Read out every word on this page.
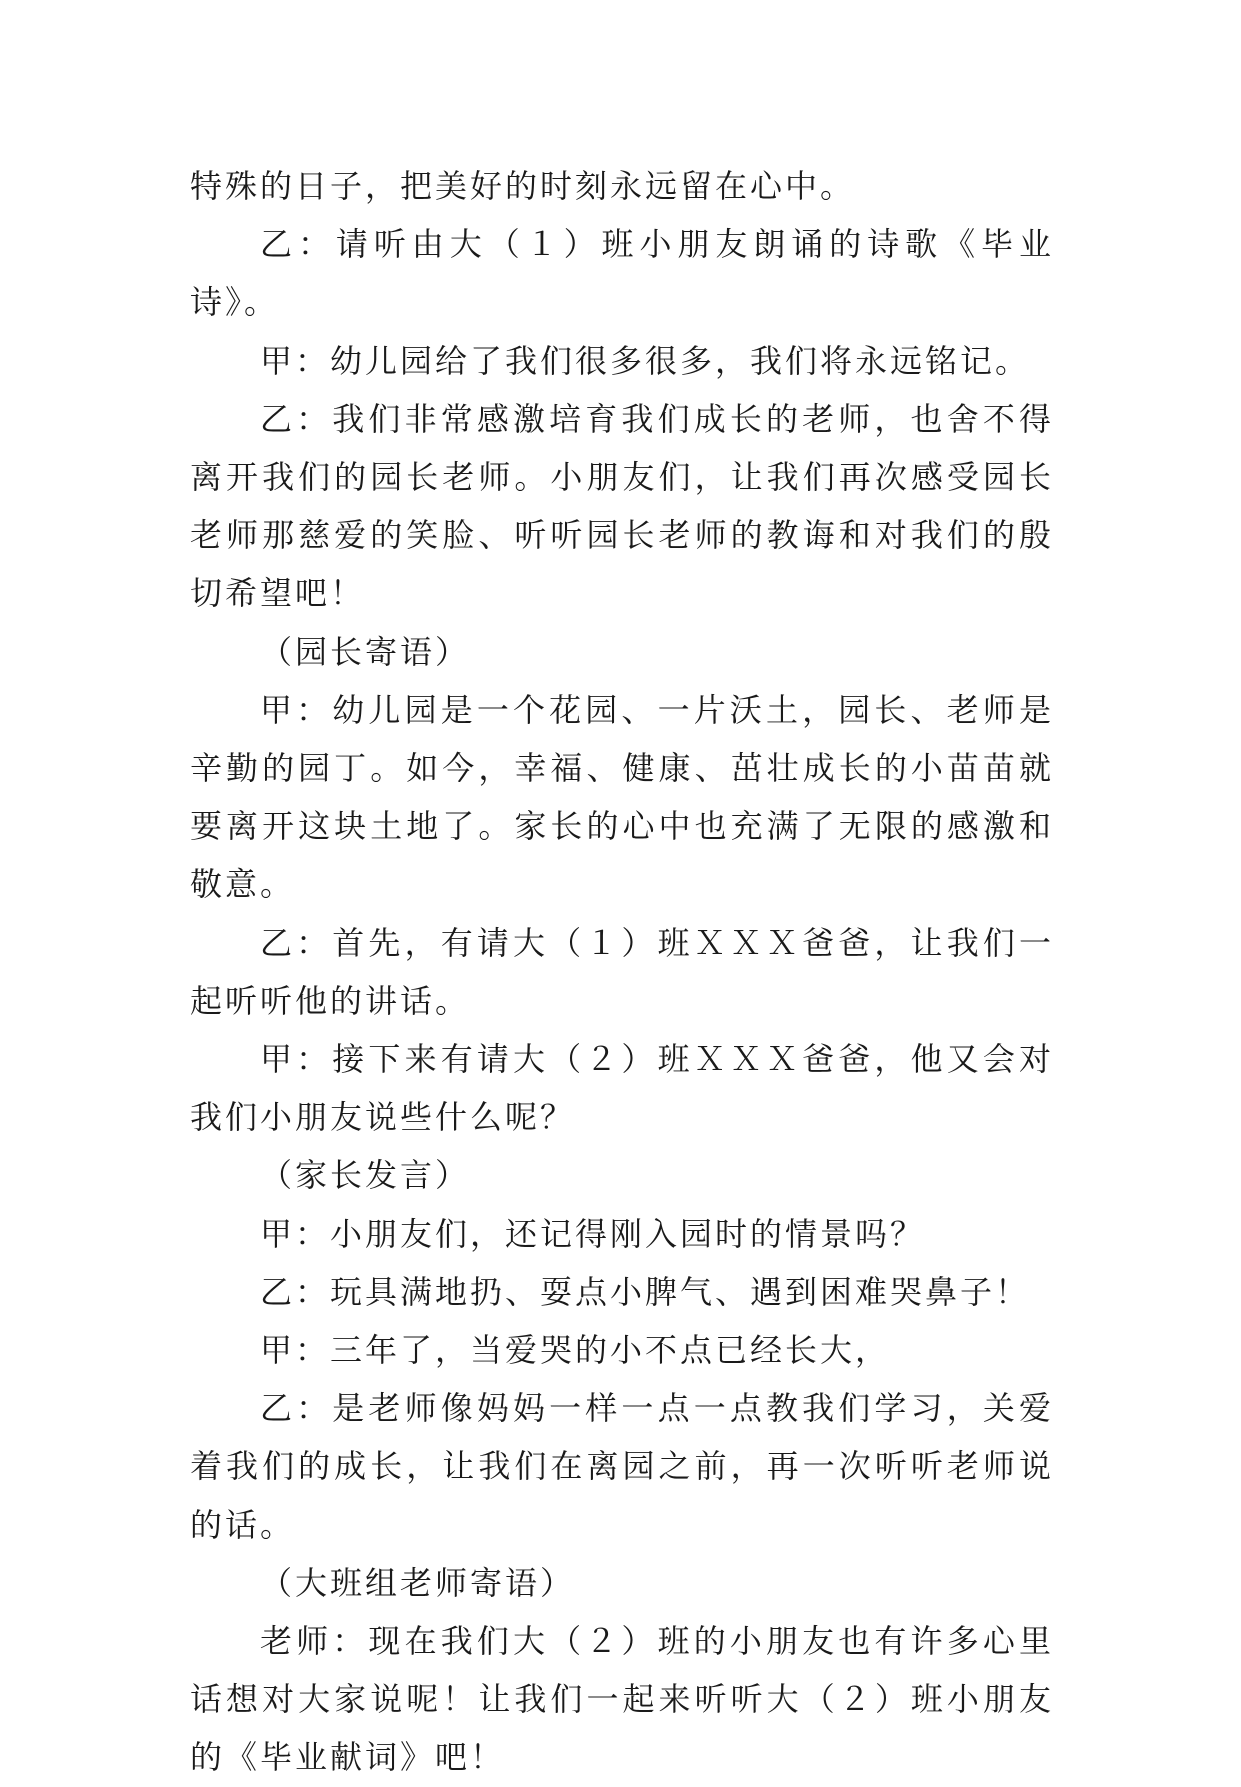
特殊的日子，把美好的时刻永远留在心中。

乙：请听由大（１）班小朋友朗诵的诗歌《毕业诗》。

甲：幼儿园给了我们很多很多，我们将永远铭记。

乙：我们非常感激培育我们成长的老师，也舍不得离开我们的园长老师。小朋友们，让我们再次感受园长老师那慈爱的笑脸、听听园长老师的教诲和对我们的殷切希望吧！

（园长寄语）

甲：幼儿园是一个花园、一片沃土，园长、老师是辛勤的园丁。如今，幸福、健康、茁壮成长的小苗苗就要离开这块土地了。家长的心中也充满了无限的感激和敬意。

乙：首先，有请大（１）班ＸＸＸ爸爸，让我们一起听听他的讲话。

甲：接下来有请大（２）班ＸＸＸ爸爸，他又会对我们小朋友说些什么呢？

（家长发言）

甲：小朋友们，还记得刚入园时的情景吗？

乙：玩具满地扔、耍点小脾气、遇到困难哭鼻子！

甲：三年了，当爱哭的小不点已经长大，

乙：是老师像妈妈一样一点一点教我们学习，关爱着我们的成长，让我们在离园之前，再一次听听老师说的话。

（大班组老师寄语）

老师：现在我们大（２）班的小朋友也有许多心里话想对大家说呢！让我们一起来听听大（２）班小朋友的《毕业献词》吧！
